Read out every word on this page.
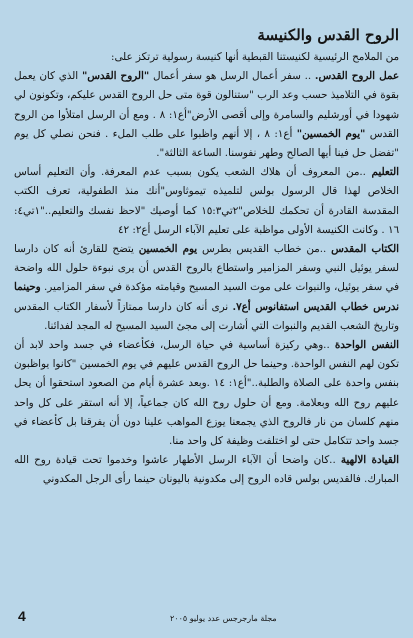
الروح القدس والكنيسة

من الملامح الرئيسية لكنيستنا القبطية أنها كنيسة رسولية ترتكز على:

عمل الروح القدس. .. سفر أعمال الرسل هو سفر أعمال "الروح القدس" الذي كان يعمل بقوة في التلاميذ حسب وعد الرب "ستنالون قوة متى حل الروح القدس عليكم، وتكونون لي شهودا في أورشليم والسامرة وإلى أقصى الأرض"أع١: ٨ . ومع أن الرسل امتلأوا من الروح القدس "يوم الخمسين" أع١: ٨ ، إلا أنهم واظبوا على طلب الملء . فنحن نصلي كل يوم "تفضل حل فينا أيها الصالح وطهر نفوسنا. الساعة الثالثة".

التعليم ..من المعروف أن هلاك الشعب يكون بسبب عدم المعرفة. وأن التعليم أساس الخلاص لهذا قال الرسول بولس لتلميذه تيموثاوس"أنك منذ الطفولية، تعرف الكتب المقدسة القادرة أن تحكمك للخلاص"٢تي١٥:٣ كما أوصيك "لاحظ نفسك والتعليم.."١تي٤: ١٦ . وكانت الكنيسة الأولى مواظبة على تعليم الآباء الرسل أع٢: ٤٢

الكتاب المقدس ..من خطاب القديس بطرس يوم الخمسين يتضح للقارئ أنه كان دارسا لسفر يوئيل النبي وسفر المزامير واستطاع بالروح القدس أن يرى نبوءة حلول الله واضحة في سفر يوئيل، والنبوات على موت السيد المسيح وقيامته مؤكدة في سفر المزامير. وحينما ندرس خطاب القديس استفانوس أع٧. نرى أنه كان دارسا ممتازاً لأسفار الكتاب المقدس وتاريخ الشعب القديم والنبوات التي أشارت إلى مجئ السيد المسيح له المجد لفدائنا.

النفس الواحدة ..وهي ركيزة أساسية في حياة الرسل، فكأعضاء في جسد واحد لابد أن تكون لهم النفس الواحدة. وحينما حل الروح القدس عليهم في يوم الخمسين "كانوا يواظبون بنفس واحدة على الصلاة والطلبة.."أع١: ١٤ .وبعد عشرة أيام من الصعود استحقوا أن يحل عليهم روح الله وبعلامة. ومع أن حلول روح الله كان جماعياً، إلا أنه استقر على كل واحد منهم كلسان من نار فالروح الذي يجمعنا يوزع المواهب علينا دون أن يفرقنا بل كأعضاء في جسد واحد تتكامل حتى لو اختلفت وظيفة كل واحد منا.

القيادة الالهية ..كان واضحا أن الآباء الرسل الأطهار عاشوا وخدموا تحت قيادة روح الله المبارك. فالقديس بولس قاده الروح إلى مكدونية باليونان حينما رأى الرجل المكدوني

4	مجلة مارجرجس عدد يوليو ٢٠٠٥
